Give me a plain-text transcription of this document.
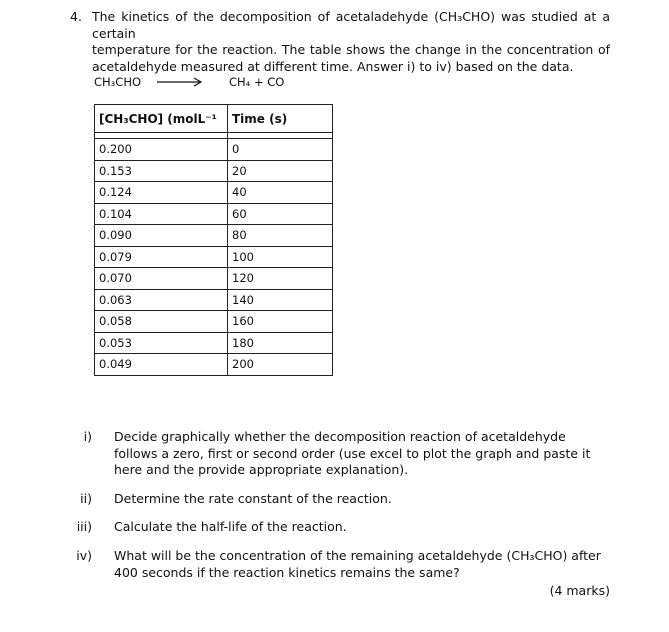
4. The kinetics of the decomposition of acetaladehyde (CH₃CHO) was studied at a certain
temperature for the reaction. The table shows the change in the concentration of
acetaldehyde measured at different time. Answer i) to iv) based on the data.
CH₃CHO → CH₄ + CO
[CH₃CHO] (molL⁻¹	Time (s)

0.200	0
0.153	20
0.124	40
0.104	60
0.090	80
0.079	100
0.070	120
0.063	140
0.058	160
0.053	180
0.049	200
i) Decide graphically whether the decomposition reaction of acetaldehyde follows a zero, first or second order (use excel to plot the graph and paste it here and the provide appropriate explanation).
ii) Determine the rate constant of the reaction.
iii) Calculate the half-life of the reaction.
iv) What will be the concentration of the remaining acetaldehyde (CH₃CHO) after 400 seconds if the reaction kinetics remains the same?
(4 marks)
